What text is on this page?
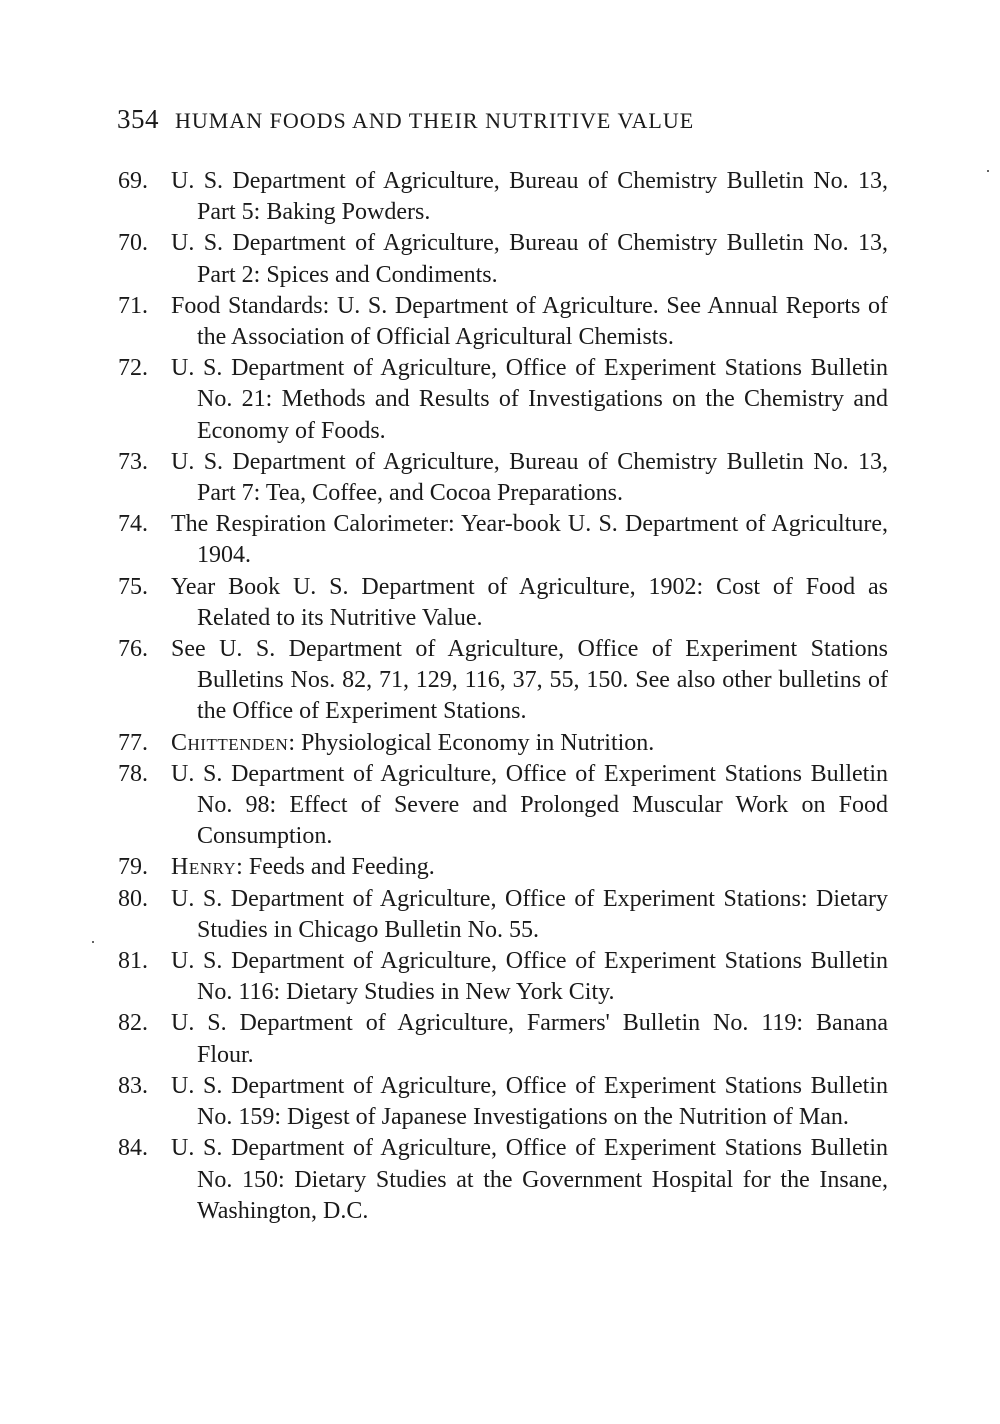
354 HUMAN FOODS AND THEIR NUTRITIVE VALUE
69. U. S. Department of Agriculture, Bureau of Chemistry Bulletin No. 13, Part 5: Baking Powders.
70. U. S. Department of Agriculture, Bureau of Chemistry Bulletin No. 13, Part 2: Spices and Condiments.
71. Food Standards: U. S. Department of Agriculture. See Annual Reports of the Association of Official Agricultural Chemists.
72. U. S. Department of Agriculture, Office of Experiment Stations Bulletin No. 21: Methods and Results of Investigations on the Chemistry and Economy of Foods.
73. U. S. Department of Agriculture, Bureau of Chemistry Bulletin No. 13, Part 7: Tea, Coffee, and Cocoa Preparations.
74. The Respiration Calorimeter: Year-book U. S. Department of Agriculture, 1904.
75. Year Book U. S. Department of Agriculture, 1902: Cost of Food as Related to its Nutritive Value.
76. See U. S. Department of Agriculture, Office of Experiment Stations Bulletins Nos. 82, 71, 129, 116, 37, 55, 150. See also other bulletins of the Office of Experiment Stations.
77. Chittenden: Physiological Economy in Nutrition.
78. U. S. Department of Agriculture, Office of Experiment Stations Bulletin No. 98: Effect of Severe and Prolonged Muscular Work on Food Consumption.
79. Henry: Feeds and Feeding.
80. U. S. Department of Agriculture, Office of Experiment Stations: Dietary Studies in Chicago Bulletin No. 55.
81. U. S. Department of Agriculture, Office of Experiment Stations Bulletin No. 116: Dietary Studies in New York City.
82. U. S. Department of Agriculture, Farmers' Bulletin No. 119: Banana Flour.
83. U. S. Department of Agriculture, Office of Experiment Stations Bulletin No. 159: Digest of Japanese Investigations on the Nutrition of Man.
84. U. S. Department of Agriculture, Office of Experiment Stations Bulletin No. 150: Dietary Studies at the Government Hospital for the Insane, Washington, D.C.
